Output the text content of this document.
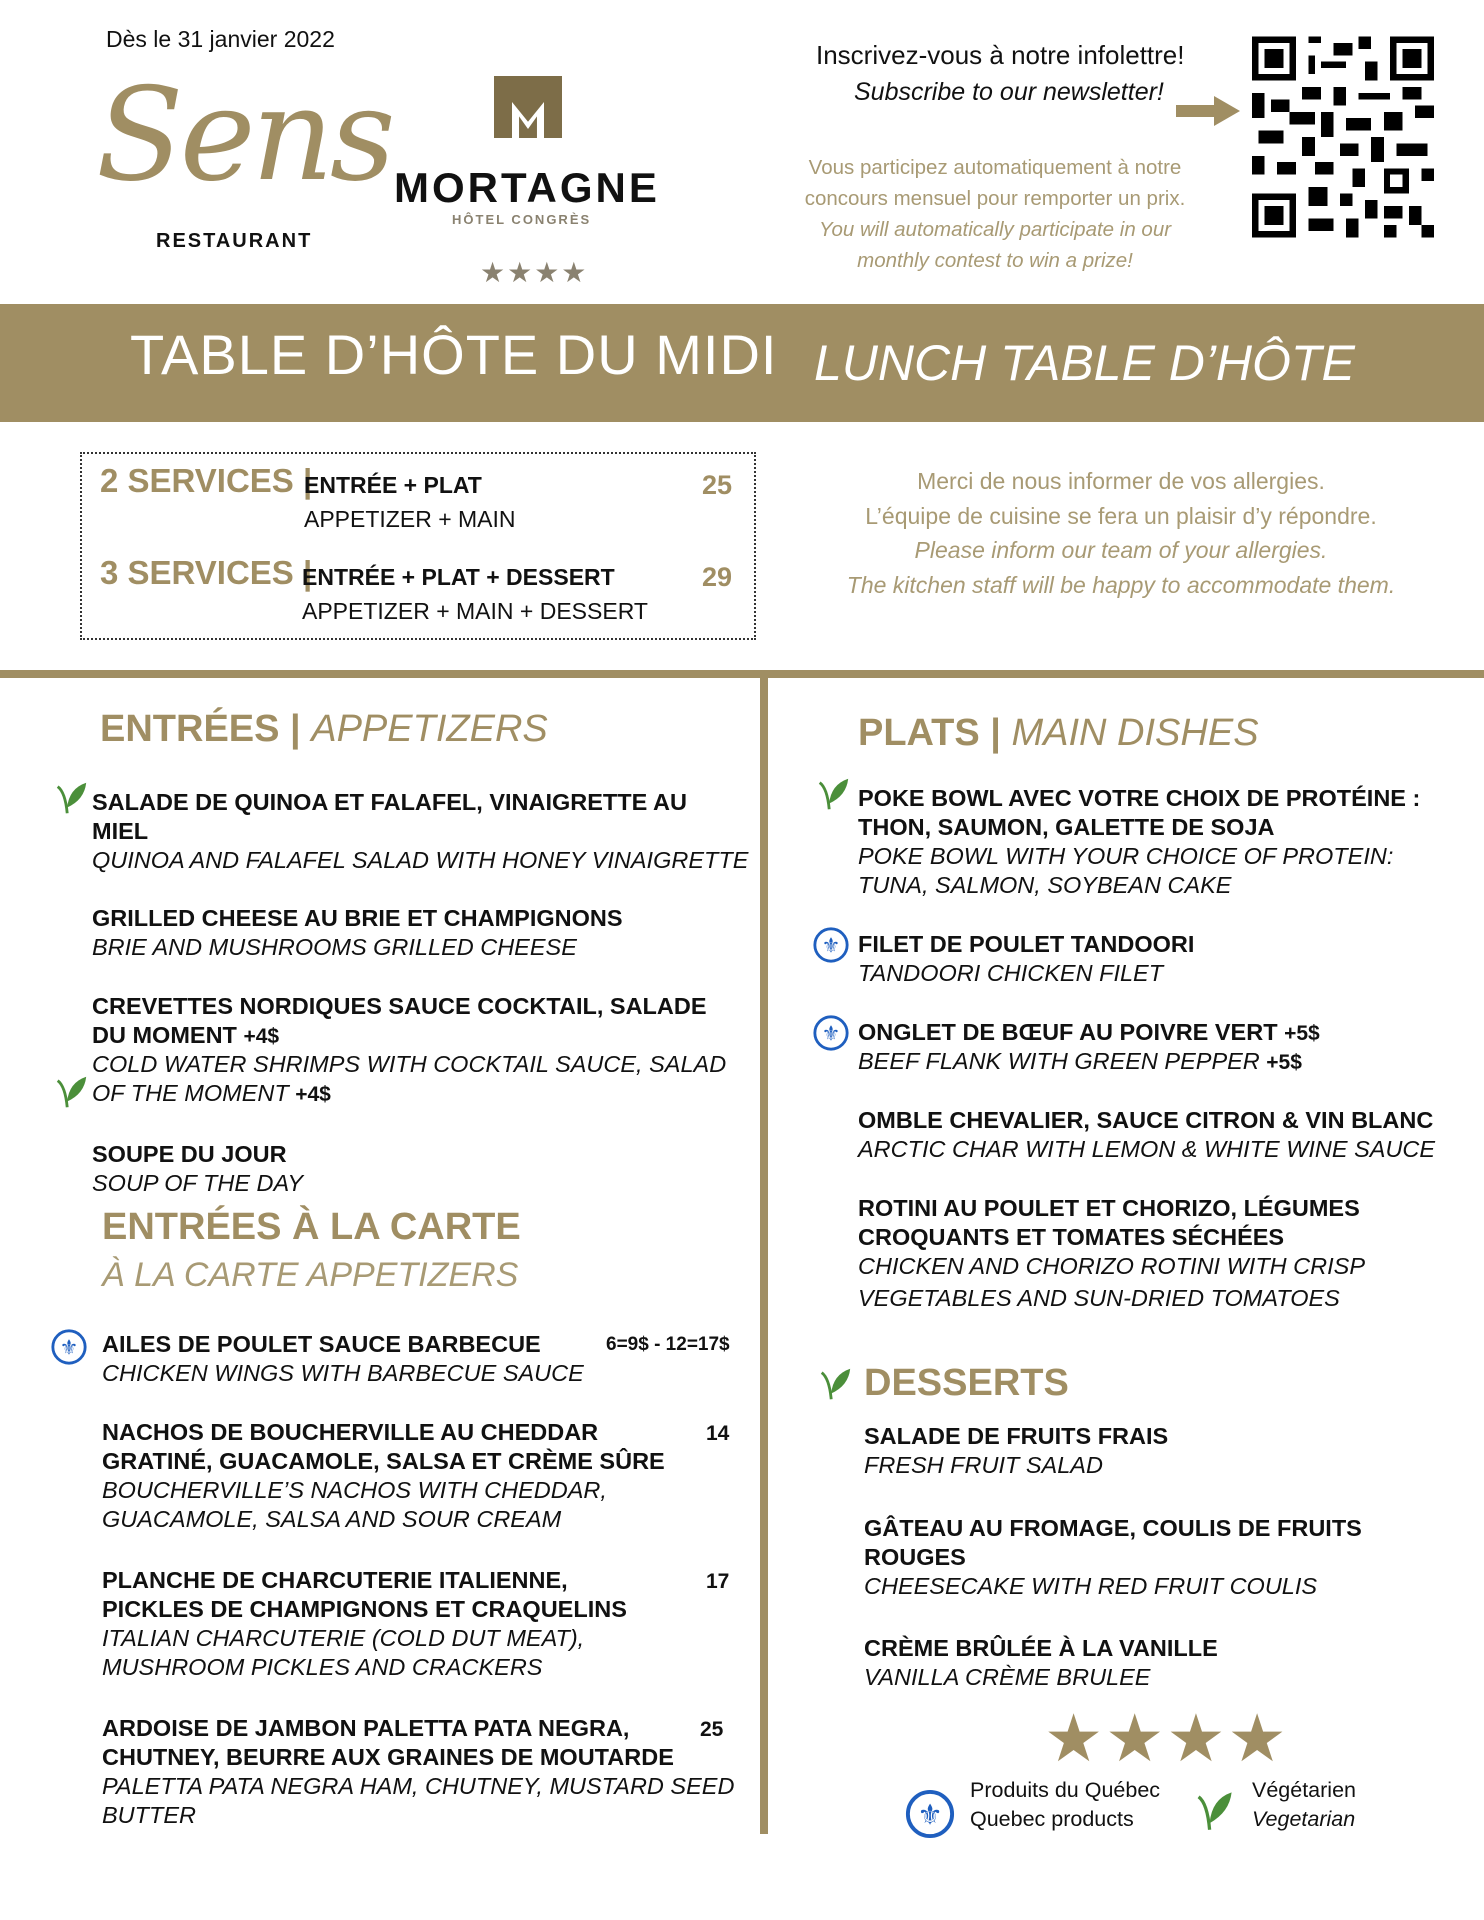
Dès le 31 janvier 2022
Sens
RESTAURANT
MORTAGNE
HÔTEL CONGRÈS
★★★★
Inscrivez-vous à notre infolettre!
Subscribe to our newsletter!
Vous participez automatiquement à notre
concours mensuel pour remporter un prix.
You will automatically participate in our
monthly contest to win a prize!
TABLE D’HÔTE DU MIDI LUNCH TABLE D’HÔTE
2 SERVICES |
ENTRÉE + PLAT
APPETIZER + MAIN
25
3 SERVICES |
ENTRÉE + PLAT + DESSERT
APPETIZER + MAIN + DESSERT
29
Merci de nous informer de vos allergies.
L’équipe de cuisine se fera un plaisir d’y répondre.
Please inform our team of your allergies.
The kitchen staff will be happy to accommodate them.
ENTRÉES | APPETIZERS
SALADE DE QUINOA ET FALAFEL, VINAIGRETTE AU MIEL
QUINOA AND FALAFEL SALAD WITH HONEY VINAIGRETTE
GRILLED CHEESE AU BRIE ET CHAMPIGNONS
BRIE AND MUSHROOMS GRILLED CHEESE
CREVETTES NORDIQUES SAUCE COCKTAIL, SALADE DU MOMENT +4$
COLD WATER SHRIMPS WITH COCKTAIL SAUCE, SALAD OF THE MOMENT +4$
SOUPE DU JOUR
SOUP OF THE DAY
ENTRÉES À LA CARTE
À LA CARTE APPETIZERS
⚜ AILES DE POULET SAUCE BARBECUE	6=9$ - 12=17$
CHICKEN WINGS WITH BARBECUE SAUCE
NACHOS DE BOUCHERVILLE AU CHEDDAR	14
GRATINÉ, GUACAMOLE, SALSA ET CRÈME SÛRE
BOUCHERVILLE’S NACHOS WITH CHEDDAR,
GUACAMOLE, SALSA AND SOUR CREAM
PLANCHE DE CHARCUTERIE ITALIENNE,	17
PICKLES DE CHAMPIGNONS ET CRAQUELINS
ITALIAN CHARCUTERIE (COLD DUT MEAT),
MUSHROOM PICKLES AND CRACKERS
ARDOISE DE JAMBON PALETTA PATA NEGRA,	25
CHUTNEY, BEURRE AUX GRAINES DE MOUTARDE
PALETTA PATA NEGRA HAM, CHUTNEY, MUSTARD SEED
BUTTER
PLATS | MAIN DISHES
POKE BOWL AVEC VOTRE CHOIX DE PROTÉINE :
THON, SAUMON, GALETTE DE SOJA
POKE BOWL WITH YOUR CHOICE OF PROTEIN:
TUNA, SALMON, SOYBEAN CAKE
⚜ FILET DE POULET TANDOORI
TANDOORI CHICKEN FILET
⚜ ONGLET DE BŒUF AU POIVRE VERT +5$
BEEF FLANK WITH GREEN PEPPER +5$
OMBLE CHEVALIER, SAUCE CITRON & VIN BLANC
ARCTIC CHAR WITH LEMON & WHITE WINE SAUCE
ROTINI AU POULET ET CHORIZO, LÉGUMES
CROQUANTS ET TOMATES SÉCHÉES
CHICKEN AND CHORIZO ROTINI WITH CRISP
VEGETABLES AND SUN-DRIED TOMATOES
DESSERTS
SALADE DE FRUITS FRAIS
FRESH FRUIT SALAD
GÂTEAU AU FROMAGE, COULIS DE FRUITS
ROUGES
CHEESECAKE WITH RED FRUIT COULIS
CRÈME BRÛLÉE À LA VANILLE
VANILLA CRÈME BRULEE
★★★★
⚜
Produits du Québec
Quebec products
Végétarien
Vegetarian
